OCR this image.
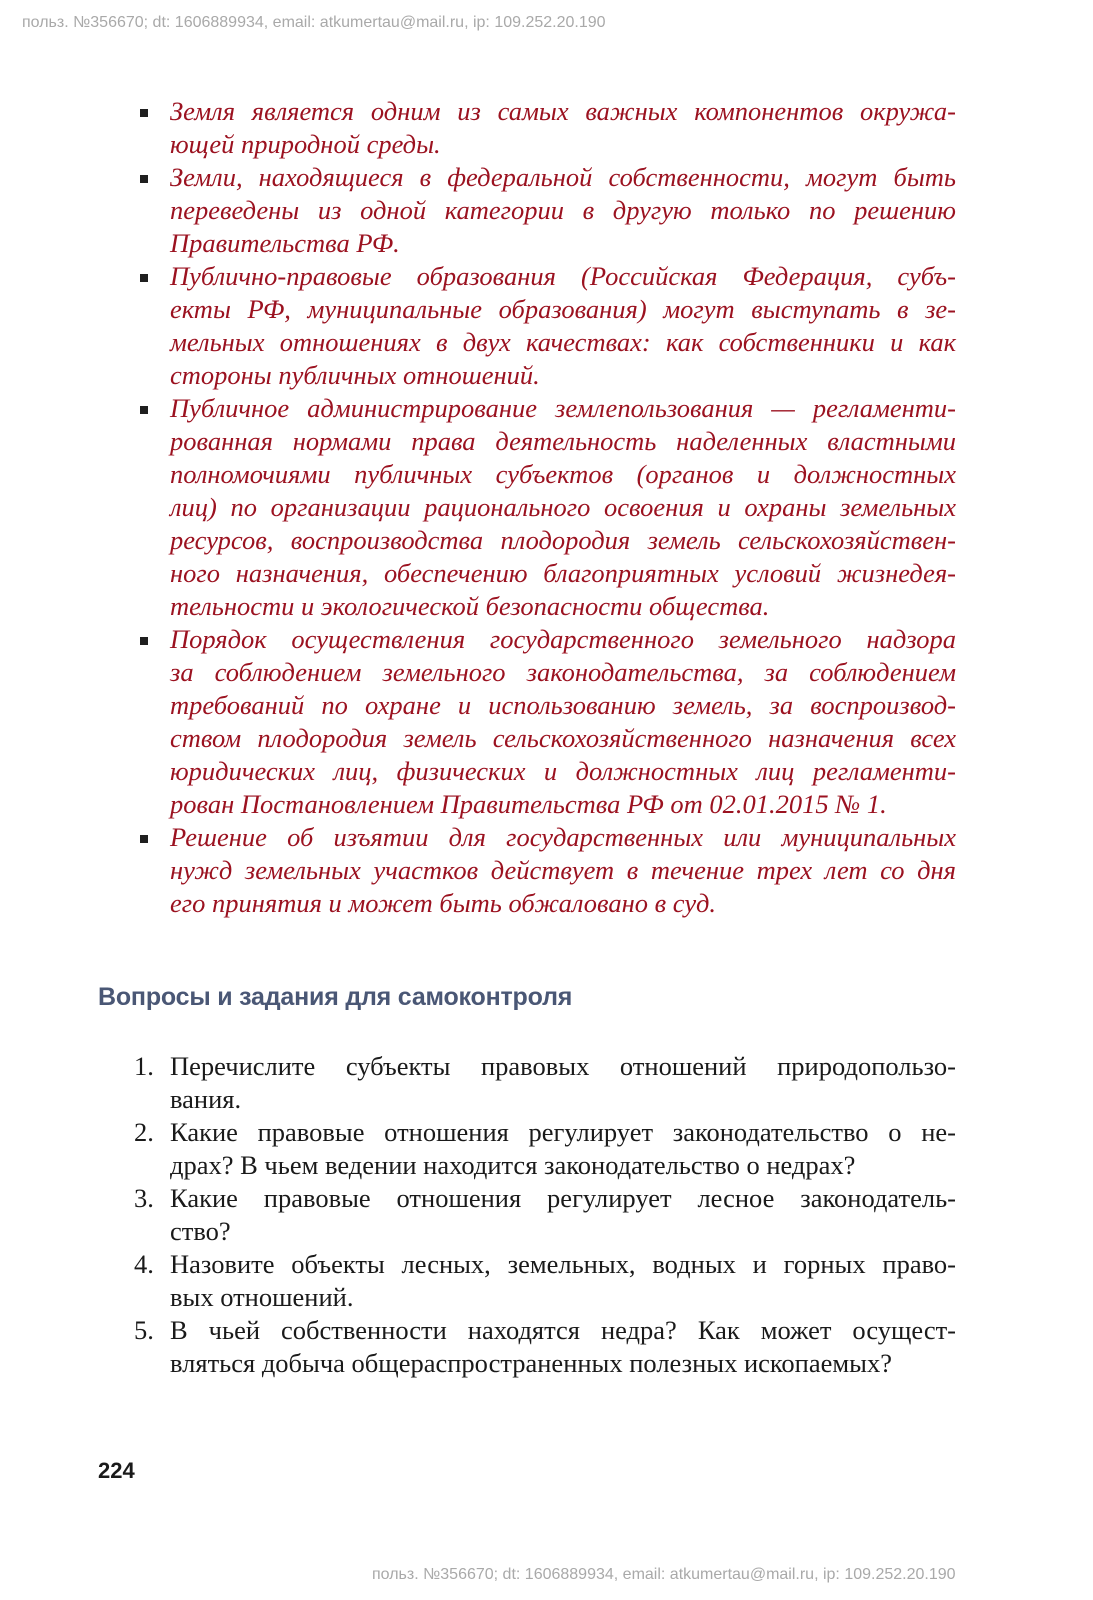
польз. №356670; dt: 1606889934, email: atkumertau@mail.ru, ip: 109.252.20.190
Земля является одним из самых важных компонентов окружа-
ющей природной среды.
Земли, находящиеся в федеральной собственности, могут быть
переведены из одной категории в другую только по решению
Правительства РФ.
Публично-правовые образования (Российская Федерация, субъ-
екты РФ, муниципальные образования) могут выступать в зе-
мельных отношениях в двух качествах: как собственники и как
стороны публичных отношений.
Публичное администрирование землепользования — регламенти-
рованная нормами права деятельность наделенных властными
полномочиями публичных субъектов (органов и должностных
лиц) по организации рационального освоения и охраны земельных
ресурсов, воспроизводства плодородия земель сельскохозяйствен-
ного назначения, обеспечению благоприятных условий жизнедея-
тельности и экологической безопасности общества.
Порядок осуществления государственного земельного надзора
за соблюдением земельного законодательства, за соблюдением
требований по охране и использованию земель, за воспроизвод-
ством плодородия земель сельскохозяйственного назначения всех
юридических лиц, физических и должностных лиц регламенти-
рован Постановлением Правительства РФ от 02.01.2015 № 1.
Решение об изъятии для государственных или муниципальных
нужд земельных участков действует в течение трех лет со дня
его принятия и может быть обжаловано в суд.
Вопросы и задания для самоконтроля
1. Перечислите субъекты правовых отношений природопользо-
вания.
2. Какие правовые отношения регулирует законодательство о не-
драх? В чьем ведении находится законодательство о недрах?
3. Какие правовые отношения регулирует лесное законодатель-
ство?
4. Назовите объекты лесных, земельных, водных и горных право-
вых отношений.
5. В чьей собственности находятся недра? Как может осущест-
вляться добыча общераспространенных полезных ископаемых?
224
польз. №356670; dt: 1606889934, email: atkumertau@mail.ru, ip: 109.252.20.190
